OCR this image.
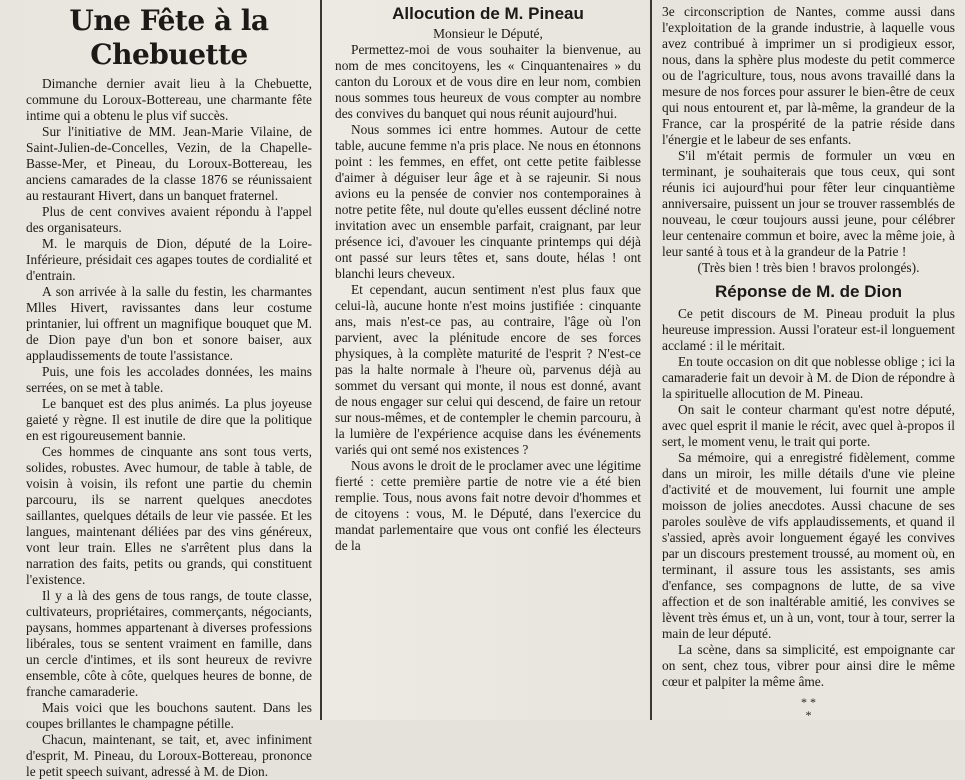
Une Fête à la Chebuette

Dimanche dernier avait lieu à la Chebuette, commune du Loroux-Bottereau, une charmante fête intime qui a obtenu le plus vif succès.

Sur l'initiative de MM. Jean-Marie Vilaine, de Saint-Julien-de-Concelles, Vezin, de la Chapelle-Basse-Mer, et Pineau, du Loroux-Bottereau, les anciens camarades de la classe 1876 se réunissaient au restaurant Hivert, dans un banquet fraternel.

Plus de cent convives avaient répondu à l'appel des organisateurs.

M. le marquis de Dion, député de la Loire-Inférieure, présidait ces agapes toutes de cordialité et d'entrain.

A son arrivée à la salle du festin, les charmantes Mlles Hivert, ravissantes dans leur costume printanier, lui offrent un magnifique bouquet que M. de Dion paye d'un bon et sonore baiser, aux applaudissements de toute l'assistance.

Puis, une fois les accolades données, les mains serrées, on se met à table.

Le banquet est des plus animés. La plus joyeuse gaieté y règne. Il est inutile de dire que la politique en est rigoureusement bannie.

Ces hommes de cinquante ans sont tous verts, solides, robustes. Avec humour, de table à table, de voisin à voisin, ils refont une partie du chemin parcouru, ils se narrent quelques anecdotes saillantes, quelques détails de leur vie passée. Et les langues, maintenant déliées par des vins généreux, vont leur train. Elles ne s'arrêtent plus dans la narration des faits, petits ou grands, qui constituent l'existence.

Il y a là des gens de tous rangs, de toute classe, cultivateurs, propriétaires, commerçants, négociants, paysans, hommes appartenant à diverses professions libérales, tous se sentent vraiment en famille, dans un cercle d'intimes, et ils sont heureux de revivre ensemble, côte à côte, quelques heures de bonne, de franche camaraderie.

Mais voici que les bouchons sautent. Dans les coupes brillantes le champagne pétille.

Chacun, maintenant, se tait, et, avec infiniment d'esprit, M. Pineau, du Loroux-Bottereau, prononce le petit speech suivant, adressé à M. de Dion.

Allocution de M. Pineau
Monsieur le Député,

Permettez-moi de vous souhaiter la bienvenue, au nom de mes concitoyens, les « Cinquantenaires » du canton du Loroux et de vous dire en leur nom, combien nous sommes tous heureux de vous compter au nombre des convives du banquet qui nous réunit aujourd'hui.

Nous sommes ici entre hommes. Autour de cette table, aucune femme n'a pris place. Ne nous en étonnons point : les femmes, en effet, ont cette petite faiblesse d'aimer à déguiser leur âge et à se rajeunir. Si nous avions eu la pensée de convier nos contemporaines à notre petite fête, nul doute qu'elles eussent décliné notre invitation avec un ensemble parfait, craignant, par leur présence ici, d'avouer les cinquante printemps qui déjà ont passé sur leurs têtes et, sans doute, hélas ! ont blanchi leurs cheveux.

Et cependant, aucun sentiment n'est plus faux que celui-là, aucune honte n'est moins justifiée : cinquante ans, mais n'est-ce pas, au contraire, l'âge où l'on parvient, avec la plénitude encore de ses forces physiques, à la complète maturité de l'esprit ? N'est-ce pas la halte normale à l'heure où, parvenus déjà au sommet du versant qui monte, il nous est donné, avant de nous engager sur celui qui descend, de faire un retour sur nous-mêmes, et de contempler le chemin parcouru, à la lumière de l'expérience acquise dans les événements variés qui ont semé nos existences ?

Nous avons le droit de le proclamer avec une légitime fierté : cette première partie de notre vie a été bien remplie. Tous, nous avons fait notre devoir d'hommes et de citoyens : vous, M. le Député, dans l'exercice du mandat parlementaire que vous ont confié les électeurs de la

3e circonscription de Nantes, comme aussi dans l'exploitation de la grande industrie, à laquelle vous avez contribué à imprimer un si prodigieux essor, nous, dans la sphère plus modeste du petit commerce ou de l'agriculture, tous, nous avons travaillé dans la mesure de nos forces pour assurer le bien-être de ceux qui nous entourent et, par là-même, la grandeur de la France, car la prospérité de la patrie réside dans l'énergie et le labeur de ses enfants.

S'il m'était permis de formuler un vœu en terminant, je souhaiterais que tous ceux, qui sont réunis ici aujourd'hui pour fêter leur cinquantième anniversaire, puissent un jour se trouver rassemblés de nouveau, le cœur toujours aussi jeune, pour célébrer leur centenaire commun et boire, avec la même joie, à leur santé à tous et à la grandeur de la Patrie !

(Très bien ! très bien ! bravos prolongés).

Réponse de M. de Dion

Ce petit discours de M. Pineau produit la plus heureuse impression. Aussi l'orateur est-il longuement acclamé : il le méritait.

En toute occasion on dit que noblesse oblige ; ici la camaraderie fait un devoir à M. de Dion de répondre à la spirituelle allocution de M. Pineau.

On sait le conteur charmant qu'est notre député, avec quel esprit il manie le récit, avec quel à-propos il sert, le moment venu, le trait qui porte.

Sa mémoire, qui a enregistré fidèlement, comme dans un miroir, les mille détails d'une vie pleine d'activité et de mouvement, lui fournit une ample moisson de jolies anecdotes. Aussi chacune de ses paroles soulève de vifs applaudissements, et quand il s'assied, après avoir longuement égayé les convives par un discours prestement troussé, au moment où, en terminant, il assure tous les assistants, ses amis d'enfance, ses compagnons de lutte, de sa vive affection et de son inaltérable amitié, les convives se lèvent très émus et, un à un, vont, tour à tour, serrer la main de leur député.

La scène, dans sa simplicité, est empoignante car on sent, chez tous, vibrer pour ainsi dire le même cœur et palpiter la même âme.

* *
*
